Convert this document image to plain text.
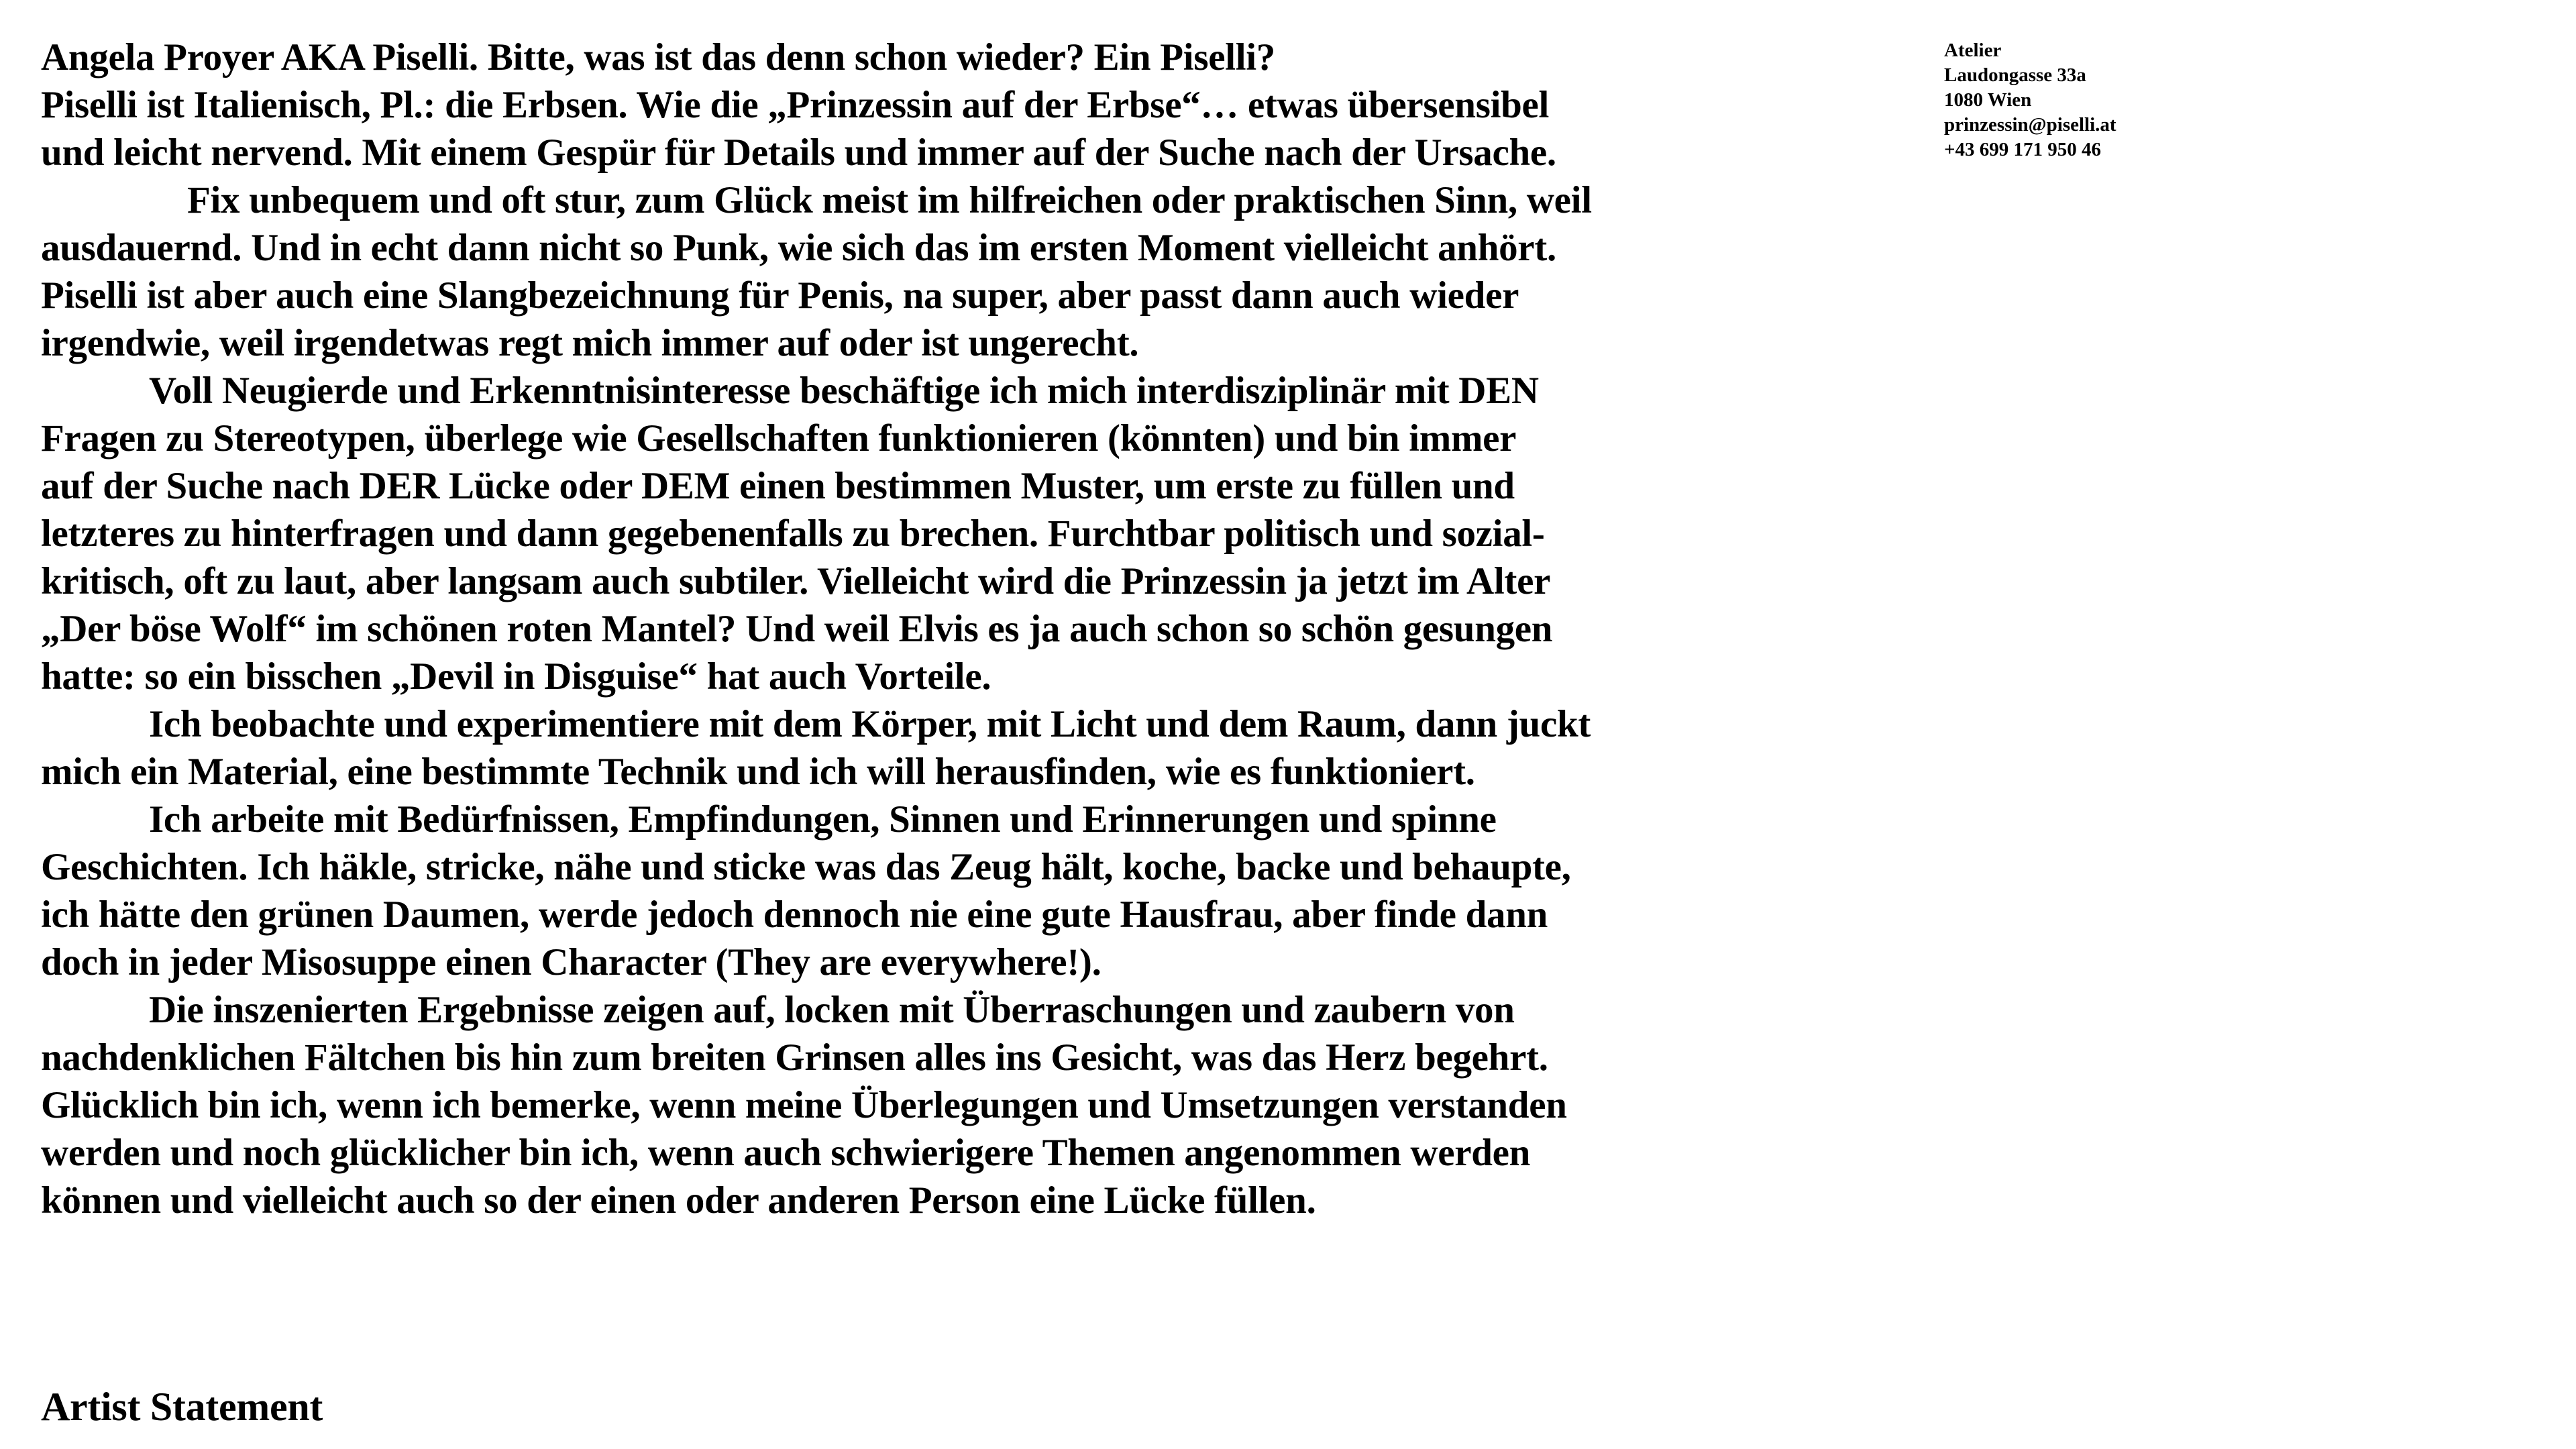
Angela Proyer AKA Piselli. Bitte, was ist das denn schon wieder? Ein Piselli?
Piselli ist Italienisch, Pl.: die Erbsen. Wie die „Prinzessin auf der Erbse“… etwas übersensibel
und leicht nervend. Mit einem Gespür für Details und immer auf der Suche nach der Ursache.
Fix unbequem und oft stur, zum Glück meist im hilfreichen oder praktischen Sinn, weil
ausdauernd. Und in echt dann nicht so Punk, wie sich das im ersten Moment vielleicht anhört.
Piselli ist aber auch eine Slangbezeichnung für Penis, na super, aber passt dann auch wieder
irgendwie, weil irgendetwas regt mich immer auf oder ist ungerecht.
Voll Neugierde und Erkenntnisinteresse beschäftige ich mich interdisziplinär mit DEN
Fragen zu Stereotypen, überlege wie Gesellschaften funktionieren (könnten) und bin immer
auf der Suche nach DER Lücke oder DEM einen bestimmen Muster, um erste zu füllen und
letzteres zu hinterfragen und dann gegebenenfalls zu brechen. Furchtbar politisch und sozial-
kritisch, oft zu laut, aber langsam auch subtiler. Vielleicht wird die Prinzessin ja jetzt im Alter
„Der böse Wolf“ im schönen roten Mantel? Und weil Elvis es ja auch schon so schön gesungen
hatte: so ein bisschen „Devil in Disguise“ hat auch Vorteile.
Ich beobachte und experimentiere mit dem Körper, mit Licht und dem Raum, dann juckt
mich ein Material, eine bestimmte Technik und ich will herausfinden, wie es funktioniert.
Ich arbeite mit Bedürfnissen, Empfindungen, Sinnen und Erinnerungen und spinne
Geschichten. Ich häkle, stricke, nähe und sticke was das Zeug hält, koche, backe und behaupte,
ich hätte den grünen Daumen, werde jedoch dennoch nie eine gute Hausfrau, aber finde dann
doch in jeder Misosuppe einen Character (They are everywhere!).
Die inszenierten Ergebnisse zeigen auf, locken mit Überraschungen und zaubern von
nachdenklichen Fältchen bis hin zum breiten Grinsen alles ins Gesicht, was das Herz begehrt.
Glücklich bin ich, wenn ich bemerke, wenn meine Überlegungen und Umsetzungen verstanden
werden und noch glücklicher bin ich, wenn auch schwierigere Themen angenommen werden
können und vielleicht auch so der einen oder anderen Person eine Lücke füllen.
Atelier
Laudongasse 33a
1080 Wien
prinzessin@piselli.at
+43 699 171 950 46
Artist Statement
